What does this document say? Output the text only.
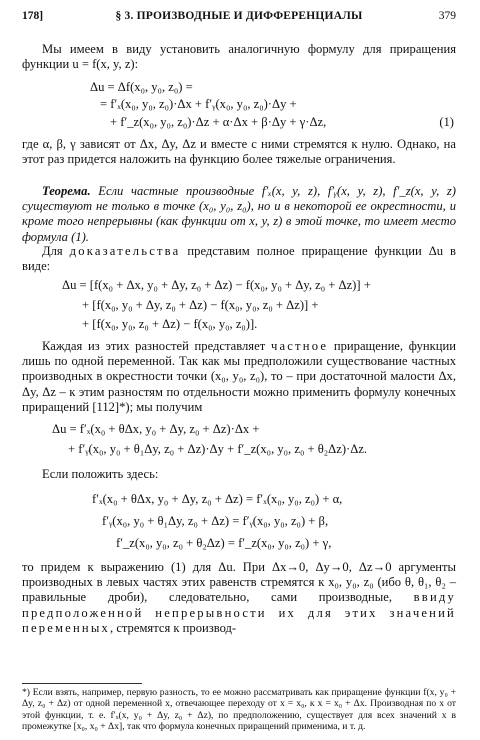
178]	§ 3. ПРОИЗВОДНЫЕ И ДИФФЕРЕНЦИАЛЫ	379
Мы имеем в виду установить аналогичную формулу для приращения функции u = f(x, y, z):
Δu = Δf(x₀, y₀, z₀) =
= f′ₓ(x₀, y₀, z₀)·Δx + f′ᵧ(x₀, y₀, z₀)·Δy +
+ f′_z(x₀, y₀, z₀)·Δz + α·Δx + β·Δy + γ·Δz,	(1)
где α, β, γ зависят от Δx, Δy, Δz и вместе с ними стремятся к нулю. Однако, на этот раз придется наложить на функцию более тяжелые ограничения.
Теорема. Если частные производные f′ₓ(x, y, z), f′ᵧ(x, y, z), f′_z(x, y, z) существуют не только в точке (x₀, y₀, z₀), но и в некоторой ее окрестности, и кроме того непрерывны (как функции от x, y, z) в этой точке, то имеет место формула (1).
Для доказательства представим полное приращение функции Δu в виде:
Δu = [f(x₀ + Δx, y₀ + Δy, z₀ + Δz) − f(x₀, y₀ + Δy, z₀ + Δz)] +
+ [f(x₀, y₀ + Δy, z₀ + Δz) − f(x₀, y₀, z₀ + Δz)] +
+ [f(x₀, y₀, z₀ + Δz) − f(x₀, y₀, z₀)].
Каждая из этих разностей представляет частное приращение, функции лишь по одной переменной. Так как мы предположили существование частных производных в окрестности точки (x₀, y₀, z₀), то – при достаточной малости Δx, Δy, Δz – к этим разностям по отдельности можно применить формулу конечных приращений [112]*); мы получим
Δu = f′ₓ(x₀ + θΔx, y₀ + Δy, z₀ + Δz)·Δx +
+ f′ᵧ(x₀, y₀ + θ₁Δy, z₀ + Δz)·Δy + f′_z(x₀, y₀, z₀ + θ₂Δz)·Δz.
Если положить здесь:
f′ₓ(x₀ + θΔx, y₀ + Δy, z₀ + Δz) = f′ₓ(x₀, y₀, z₀) + α,
f′ᵧ(x₀, y₀ + θ₁Δy, z₀ + Δz) = f′ᵧ(x₀, y₀, z₀) + β,
f′_z(x₀, y₀, z₀ + θ₂Δz) = f′_z(x₀, y₀, z₀) + γ,
то придем к выражению (1) для Δu. При Δx→0, Δy→0, Δz→0 аргументы производных в левых частях этих равенств стремятся к x₀, y₀, z₀ (ибо θ, θ₁, θ₂ – правильные дроби), следовательно, сами производные, ввиду предположенной непрерывности их для этих значений переменных, стремятся к производ-
*) Если взять, например, первую разность, то ее можно рассматривать как приращение функции f(x, y₀ + Δy, z₀ + Δz) от одной переменной x, отвечающее переходу от x = x₀, к x = x₀ + Δx. Производная по x от этой функции, т. е. f′ₓ(x, y₀ + Δy, z₀ + Δz), по предположению, существует для всех значений x в промежутке [x₀, x₀ + Δx], так что формула конечных приращений применима, и т. д.
